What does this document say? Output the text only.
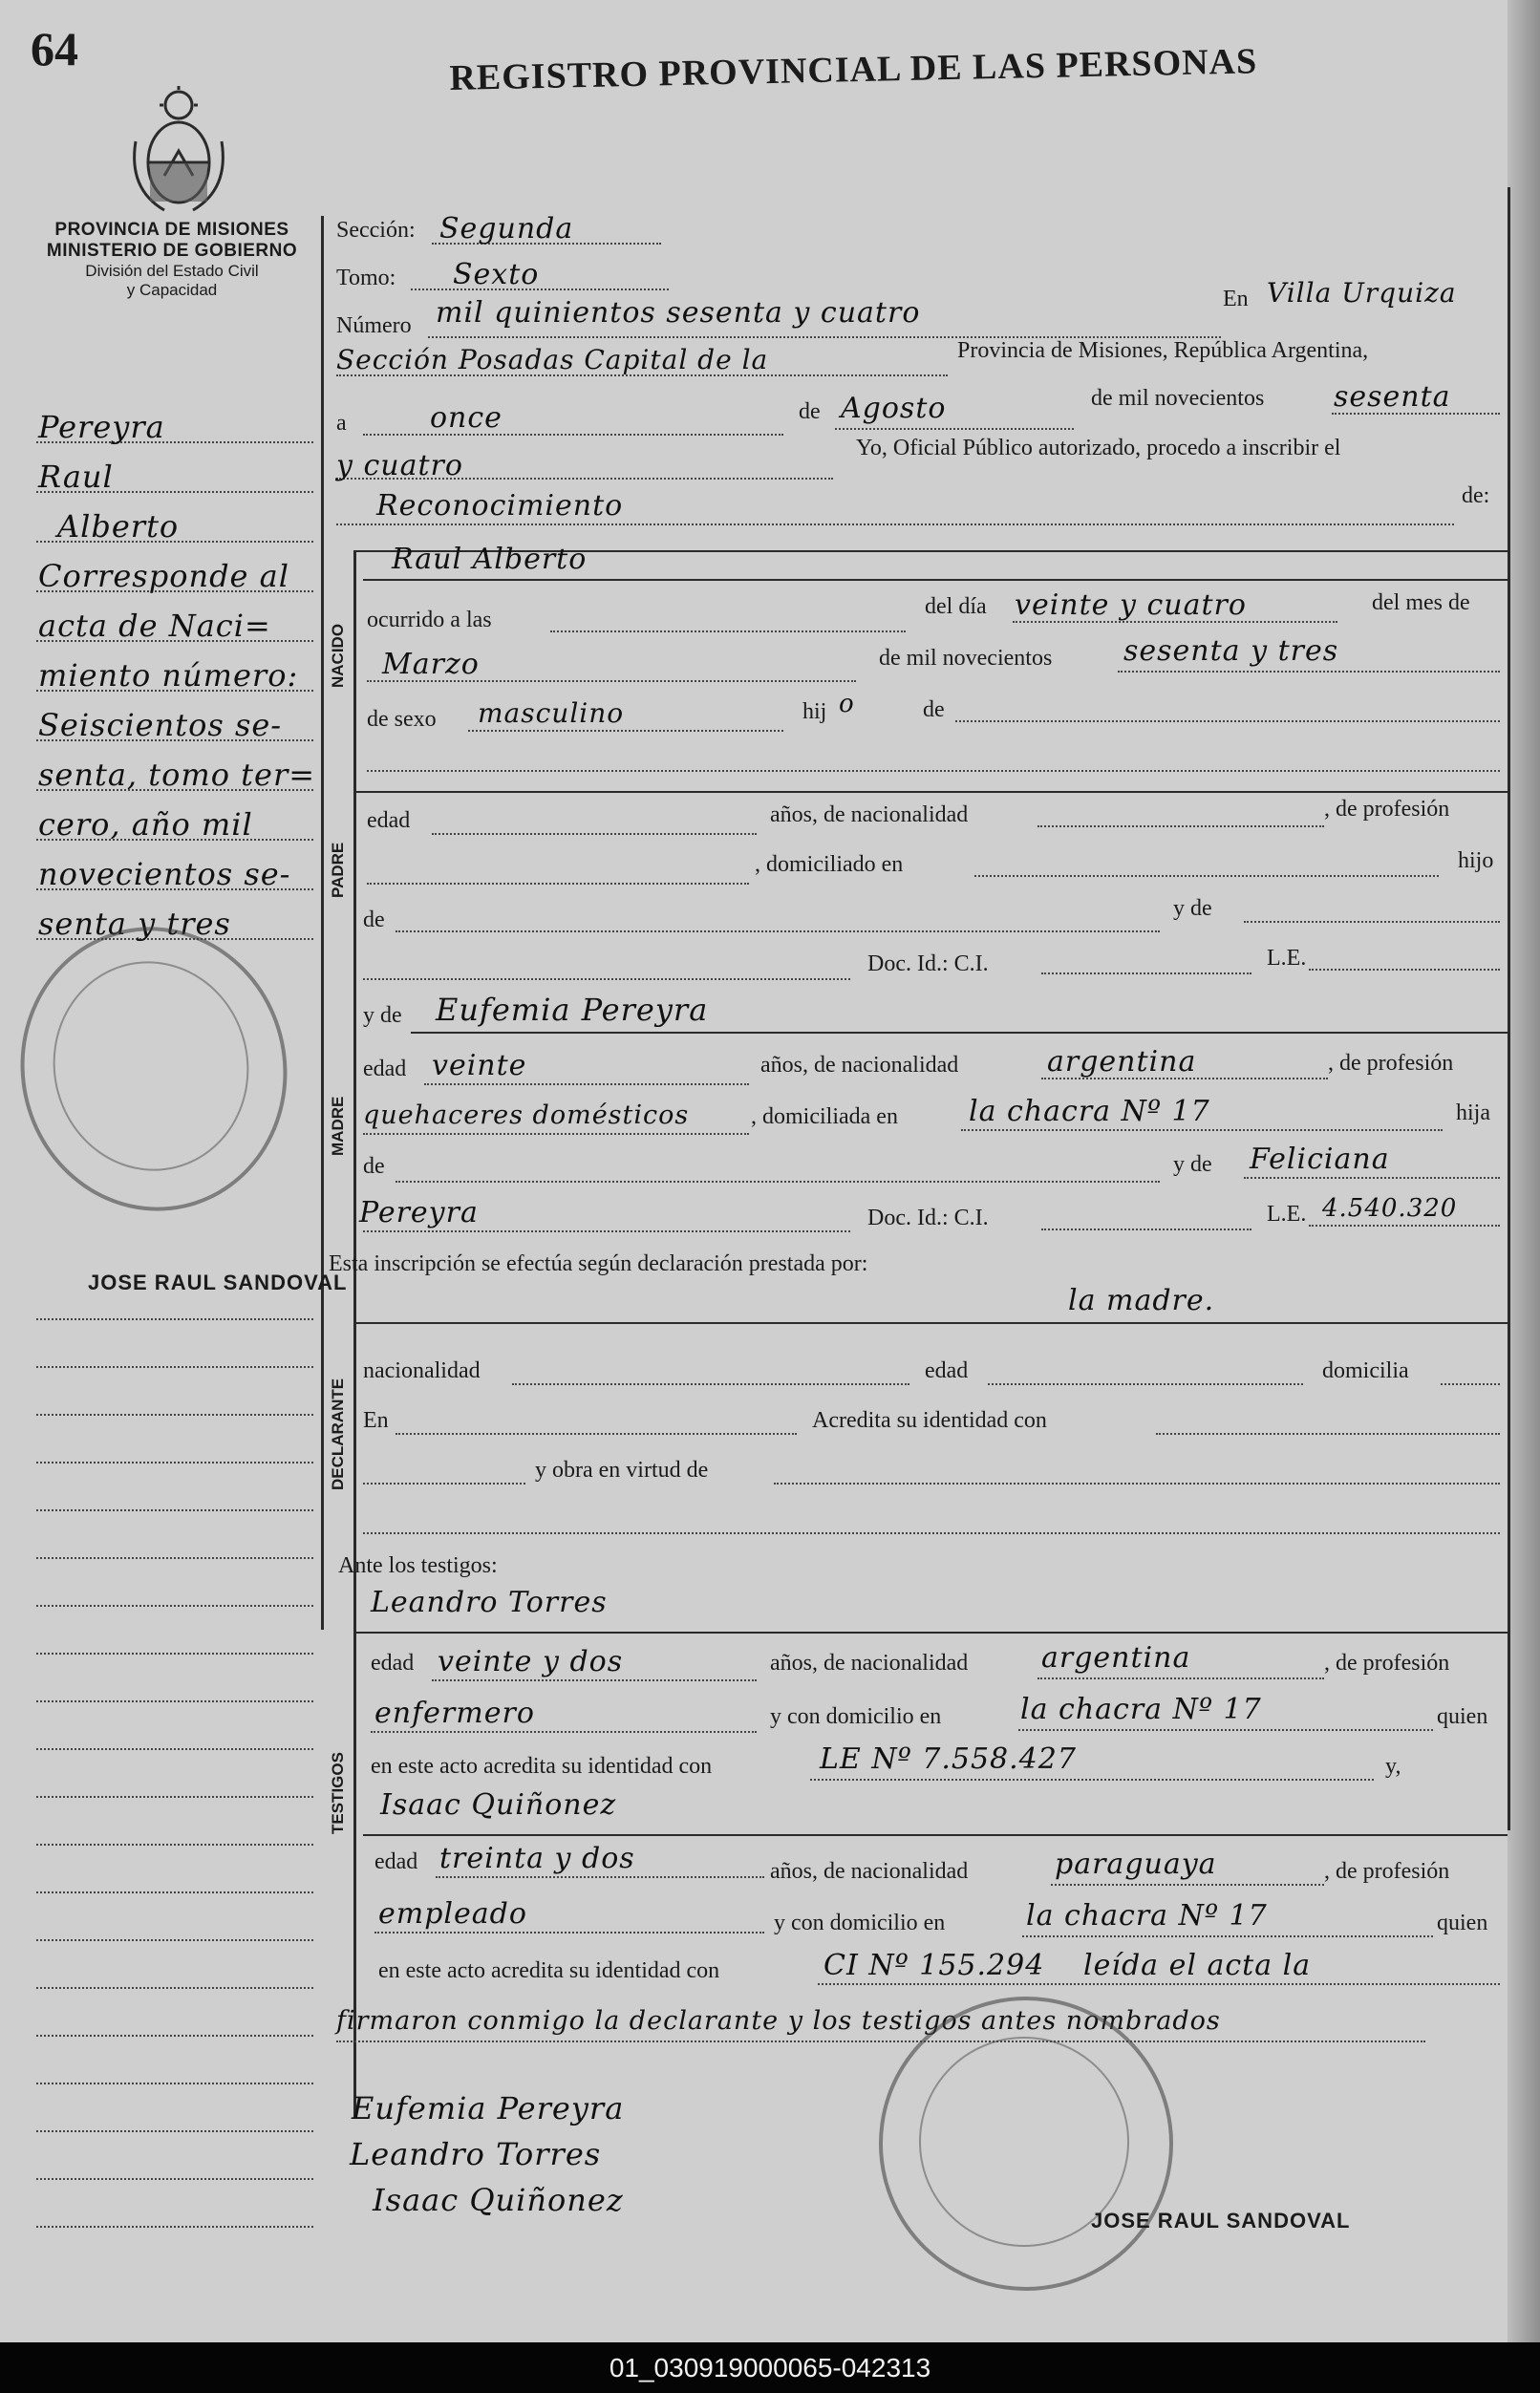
64	REGISTRO PROVINCIAL DE LAS PERSONAS
PROVINCIA DE MISIONES
MINISTERIO DE GOBIERNO
División del Estado Civil
y Capacidad
Pereyra
Raul
Alberto
Corresponde al
acta de Naci=
miento número:
Seiscientos se-
senta, tomo ter=
cero, año mil
novecientos se-
senta y tres
JOSE RAUL SANDOVAL
Sección: Segunda
Tomo: Sexto
Número mil quinientos sesenta y cuatro	En Villa Urquiza
Sección Posadas Capital de la	Provincia de Misiones, República Argentina,
a	once	de Agosto	de mil novecientos sesenta
y cuatro
Yo, Oficial Público autorizado, procedo a inscribir el
Reconocimiento	de:
NACIDO
Raul Alberto
ocurrido a las
del día veinte y cuatro	del mes de
Marzo	de mil novecientos sesenta y tres
de sexo masculino	hij o	de
PADRE
edad	años, de nacionalidad	, de profesión
, domiciliado en	hijo
de	y de
Doc. Id.: C.I.	L.E.
y de Eufemia Pereyra
MADRE
edad veinte	años, de nacionalidad	argentina	, de profesión
quehaceres domésticos	, domiciliada en la chacra Nº 17	hija
de	y de Feliciana
Pereyra	Doc. Id.: C.I.	L.E. 4.540.320
Esta inscripción se efectúa según declaración prestada por:
la madre.
DECLARANTE
nacionalidad	edad	domicilia
En	Acredita su identidad con
y obra en virtud de
Ante los testigos:
Leandro Torres
TESTIGOS
edad veinte y dos	años, de nacionalidad	argentina	, de profesión
enfermero	y con domicilio en	la chacra Nº 17	quien
en este acto acredita su identidad con	LE Nº 7.558.427	y,
Isaac Quiñonez
edad treinta y dos	años, de nacionalidad	paraguaya	, de profesión
empleado	y con domicilio en	la chacra Nº 17	quien
en este acto acredita su identidad con	CI Nº 155.294 leída el acta la
firmaron conmigo la declarante y los testigos antes nombrados
Eufemia Pereyra
Leandro Torres
Isaac Quiñonez
JOSE RAUL SANDOVAL
01_030919000065-042313
